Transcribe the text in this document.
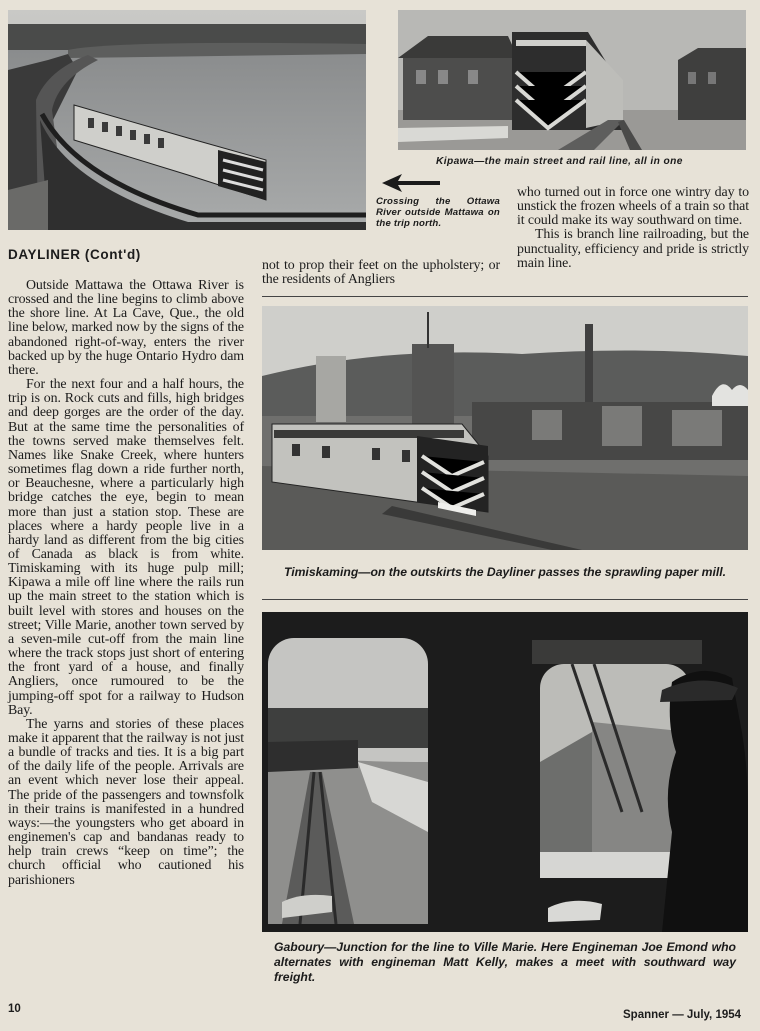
Kipawa—the main street and rail line, all in one
Crossing the Ottawa River outside Mattawa on the trip north.
DAYLINER (Cont'd)

who turned out in force one wintry day to unstick the frozen wheels of a train so that it could make its way southward on time.

This is branch line railroading, but the punctuality, efficiency and pride is strictly main line.

not to prop their feet on the upholstery; or the residents of Angliers
Timiskaming—on the outskirts the Dayliner passes the sprawling paper mill.
Gaboury—Junction for the line to Ville Marie. Here Engineman Joe Emond who alternates with engineman Matt Kelly, makes a meet with southward way freight.

Outside Mattawa the Ottawa River is crossed and the line begins to climb above the shore line. At La Cave, Que., the old line below, marked now by the signs of the abandoned right-of-way, enters the river backed up by the huge Ontario Hydro dam there.

For the next four and a half hours, the trip is on. Rock cuts and fills, high bridges and deep gorges are the order of the day. But at the same time the personalities of the towns served make themselves felt. Names like Snake Creek, where hunters sometimes flag down a ride further north, or Beauchesne, where a particularly high bridge catches the eye, begin to mean more than just a station stop. These are places where a hardy people live in a hardy land as different from the big cities of Canada as black is from white. Timiskaming with its huge pulp mill; Kipawa a mile off line where the rails run up the main street to the station which is built level with stores and houses on the street; Ville Marie, another town served by a seven-mile cut-off from the main line where the track stops just short of entering the front yard of a house, and finally Angliers, once rumoured to be the jumping-off spot for a railway to Hudson Bay.

The yarns and stories of these places make it apparent that the railway is not just a bundle of tracks and ties. It is a big part of the daily life of the people. Arrivals are an event which never lose their appeal. The pride of the passengers and townsfolk in their trains is manifested in a hundred ways:—the youngsters who get aboard in enginemen's cap and bandanas ready to help train crews “keep on time”; the church official who cautioned his parishioners

10	Spanner — July, 1954
